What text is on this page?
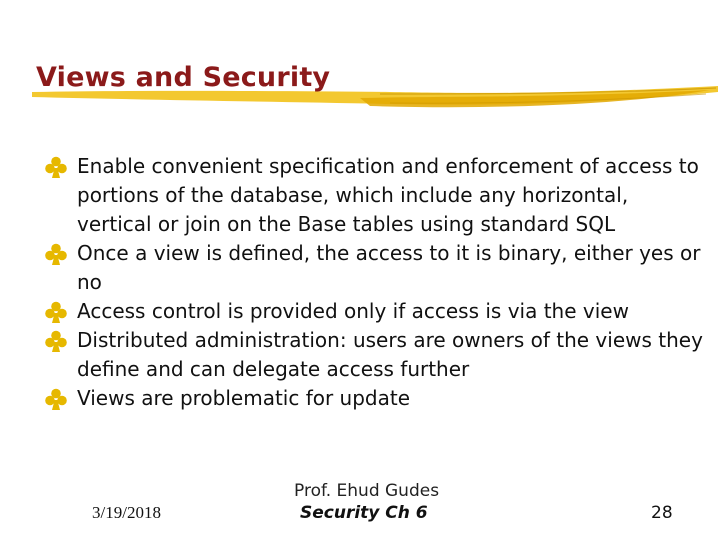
Views and Security
Enable convenient specification and enforcement of access to portions of the database, which include any horizontal, vertical or join on the Base tables using standard SQL
Once a view is defined, the access to it is binary, either yes or no
Access control is provided only if access is via the view
Distributed administration: users are owners of the views they define and can delegate access further
Views are problematic for update
3/19/2018
Prof. Ehud Gudes
Security Ch 6	28
